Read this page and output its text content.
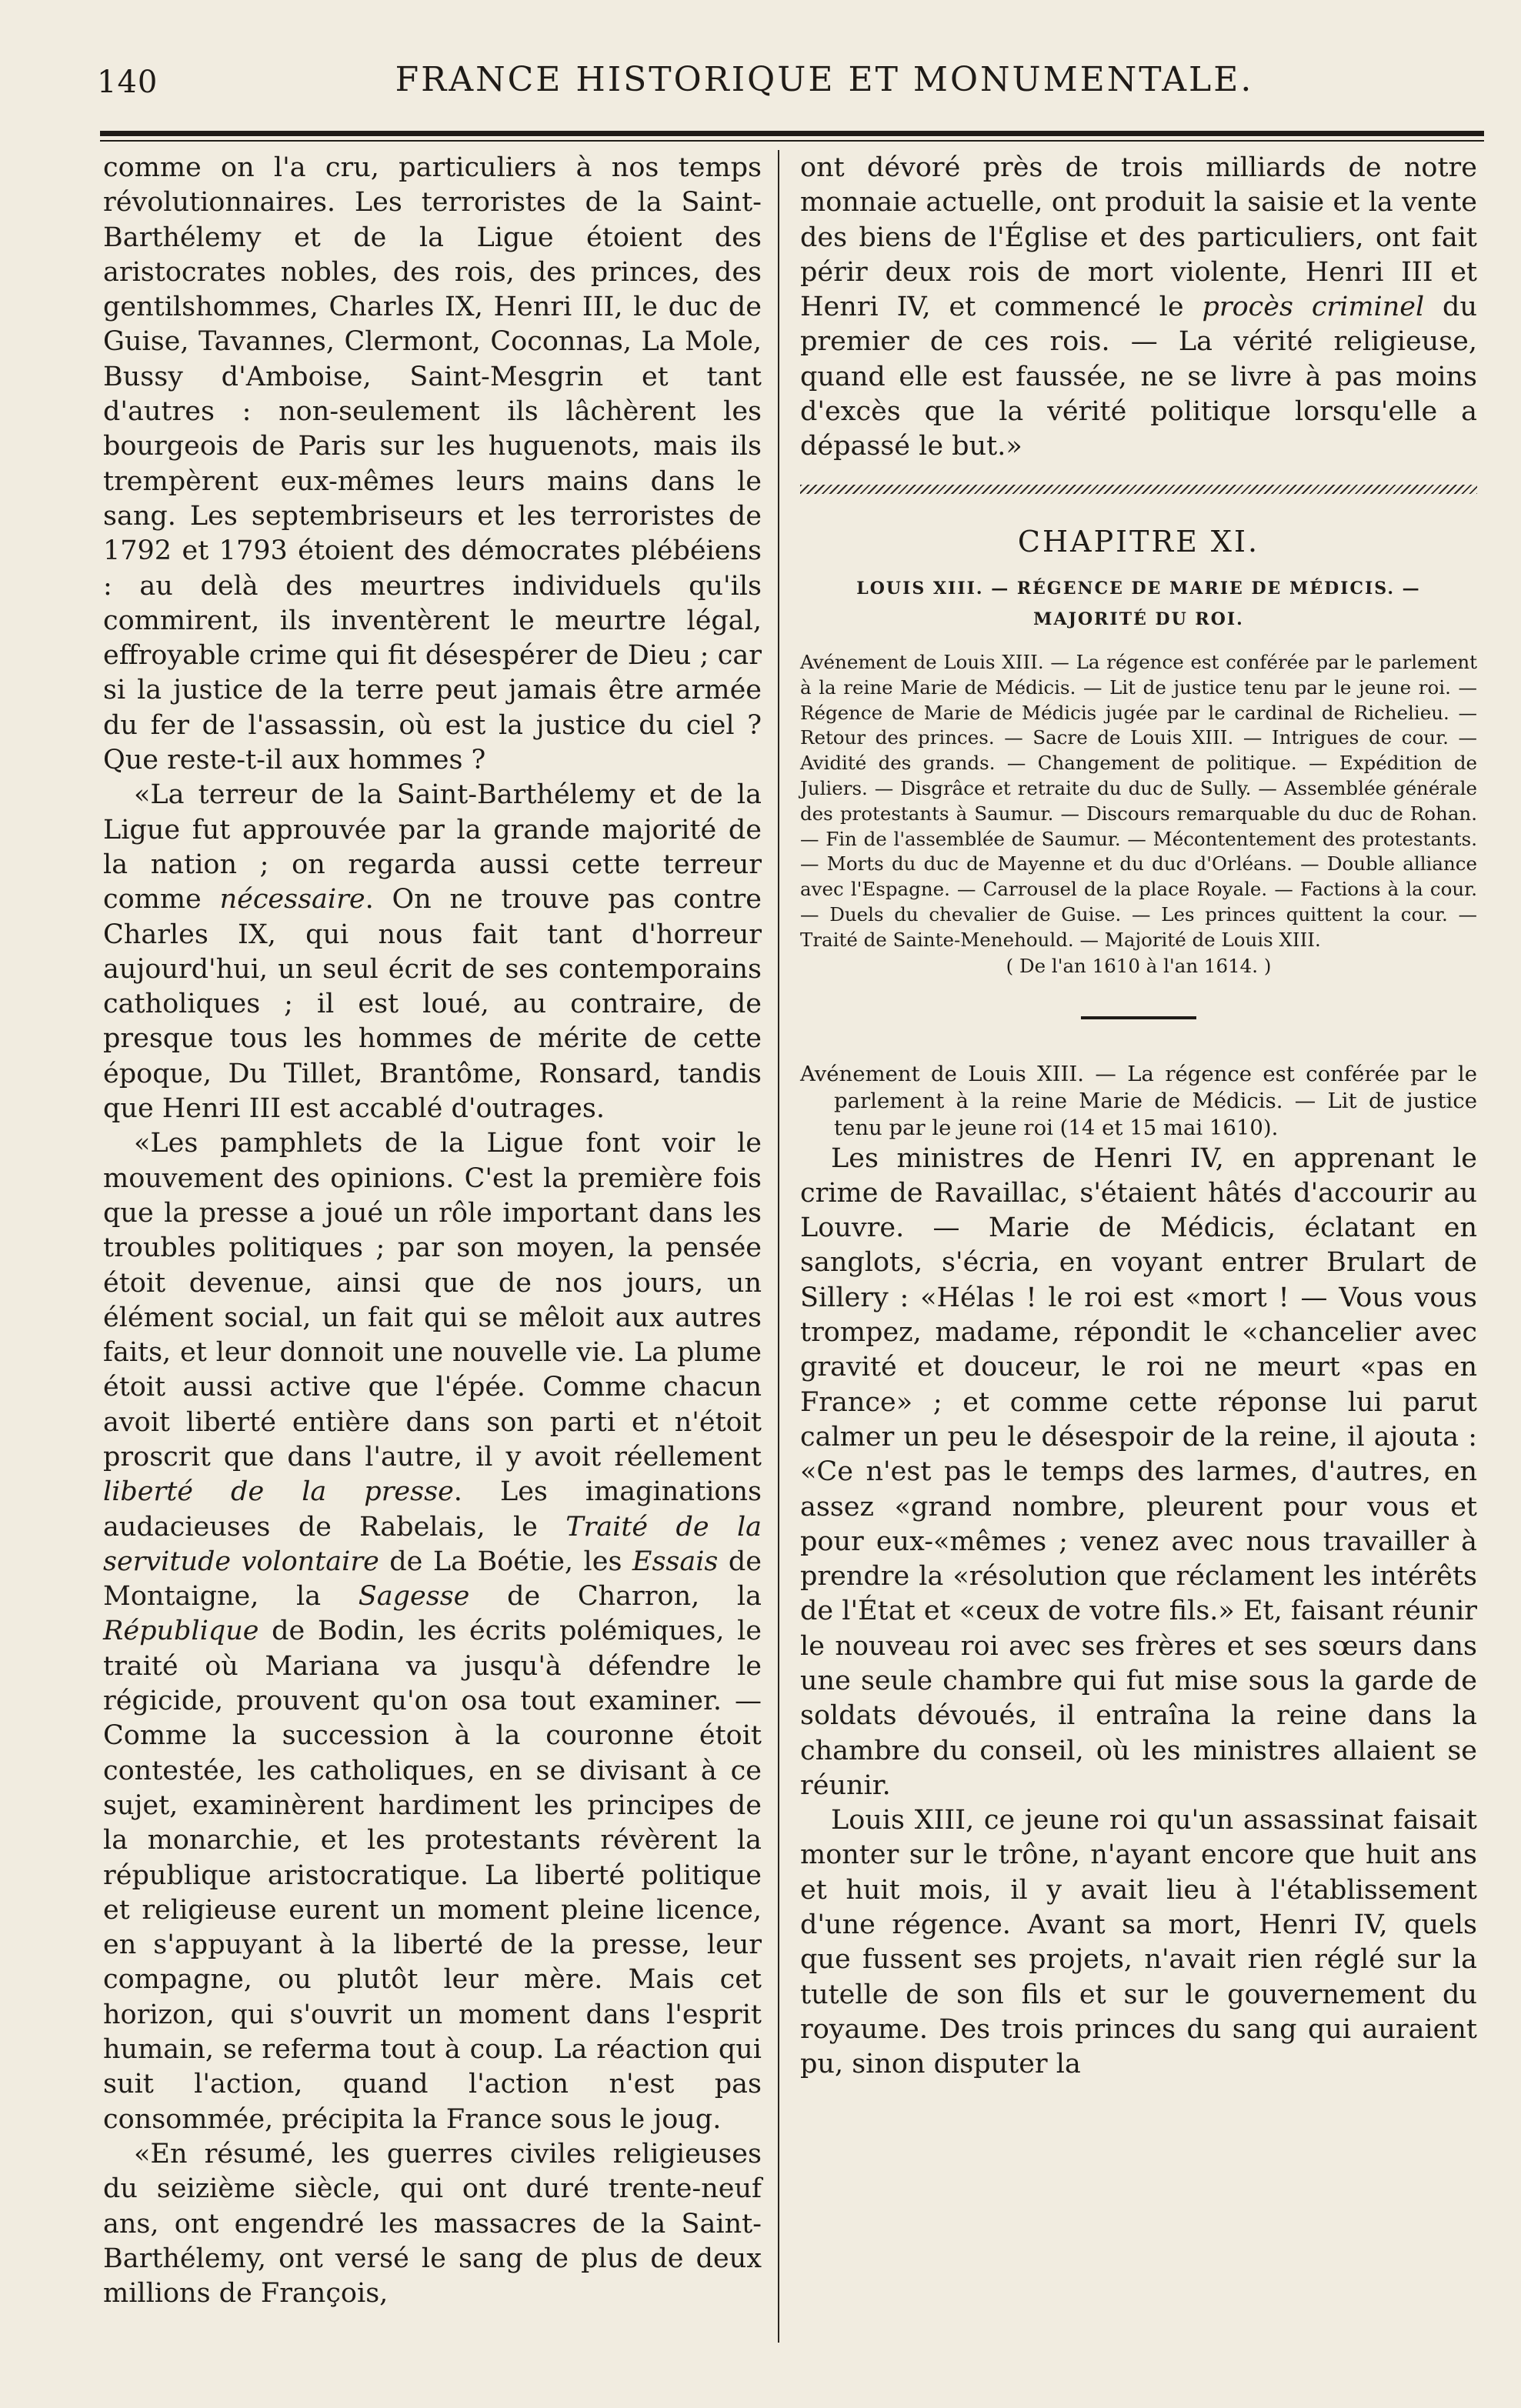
140	FRANCE HISTORIQUE ET MONUMENTALE.

comme on l'a cru, particuliers à nos temps révolutionnaires. Les terroristes de la Saint-Barthélemy et de la Ligue étoient des aristocrates nobles, des rois, des princes, des gentilshommes, Charles IX, Henri III, le duc de Guise, Tavannes, Clermont, Coconnas, La Mole, Bussy d'Amboise, Saint-Mesgrin et tant d'autres : non-seulement ils lâchèrent les bourgeois de Paris sur les huguenots, mais ils trempèrent eux-mêmes leurs mains dans le sang. Les septembriseurs et les terroristes de 1792 et 1793 étoient des démocrates plébéiens : au delà des meurtres individuels qu'ils commirent, ils inventèrent le meurtre légal, effroyable crime qui fit désespérer de Dieu ; car si la justice de la terre peut jamais être armée du fer de l'assassin, où est la justice du ciel ? Que reste-t-il aux hommes ?

«La terreur de la Saint-Barthélemy et de la Ligue fut approuvée par la grande majorité de la nation ; on regarda aussi cette terreur comme nécessaire. On ne trouve pas contre Charles IX, qui nous fait tant d'horreur aujourd'hui, un seul écrit de ses contemporains catholiques ; il est loué, au contraire, de presque tous les hommes de mérite de cette époque, Du Tillet, Brantôme, Ronsard, tandis que Henri III est accablé d'outrages.

«Les pamphlets de la Ligue font voir le mouvement des opinions. C'est la première fois que la presse a joué un rôle important dans les troubles politiques ; par son moyen, la pensée étoit devenue, ainsi que de nos jours, un élément social, un fait qui se mêloit aux autres faits, et leur donnoit une nouvelle vie. La plume étoit aussi active que l'épée. Comme chacun avoit liberté entière dans son parti et n'étoit proscrit que dans l'autre, il y avoit réellement liberté de la presse. Les imaginations audacieuses de Rabelais, le Traité de la servitude volontaire de La Boétie, les Essais de Montaigne, la Sagesse de Charron, la République de Bodin, les écrits polémiques, le traité où Mariana va jusqu'à défendre le régicide, prouvent qu'on osa tout examiner. — Comme la succession à la couronne étoit contestée, les catholiques, en se divisant à ce sujet, examinèrent hardiment les principes de la monarchie, et les protestants révèrent la république aristocratique. La liberté politique et religieuse eurent un moment pleine licence, en s'appuyant à la liberté de la presse, leur compagne, ou plutôt leur mère. Mais cet horizon, qui s'ouvrit un moment dans l'esprit humain, se referma tout à coup. La réaction qui suit l'action, quand l'action n'est pas consommée, précipita la France sous le joug.

«En résumé, les guerres civiles religieuses du seizième siècle, qui ont duré trente-neuf ans, ont engendré les massacres de la Saint-Barthélemy, ont versé le sang de plus de deux millions de François,

ont dévoré près de trois milliards de notre monnaie actuelle, ont produit la saisie et la vente des biens de l'Église et des particuliers, ont fait périr deux rois de mort violente, Henri III et Henri IV, et commencé le procès criminel du premier de ces rois. — La vérité religieuse, quand elle est faussée, ne se livre à pas moins d'excès que la vérité politique lorsqu'elle a dépassé le but.»

CHAPITRE XI.
LOUIS XIII. — RÉGENCE DE MARIE DE MÉDICIS. — MAJORITÉ DU ROI.

Avénement de Louis XIII. — La régence est conférée par le parlement à la reine Marie de Médicis. — Lit de justice tenu par le jeune roi. — Régence de Marie de Médicis jugée par le cardinal de Richelieu. — Retour des princes. — Sacre de Louis XIII. — Intrigues de cour. — Avidité des grands. — Changement de politique. — Expédition de Juliers. — Disgrâce et retraite du duc de Sully. — Assemblée générale des protestants à Saumur. — Discours remarquable du duc de Rohan. — Fin de l'assemblée de Saumur. — Mécontentement des protestants. — Morts du duc de Mayenne et du duc d'Orléans. — Double alliance avec l'Espagne. — Carrousel de la place Royale. — Factions à la cour. — Duels du chevalier de Guise. — Les princes quittent la cour. — Traité de Sainte-Menehould. — Majorité de Louis XIII.

( De l'an 1610 à l'an 1614. )

Avénement de Louis XIII. — La régence est conférée par le parlement à la reine Marie de Médicis. — Lit de justice tenu par le jeune roi (14 et 15 mai 1610).

Les ministres de Henri IV, en apprenant le crime de Ravaillac, s'étaient hâtés d'accourir au Louvre. — Marie de Médicis, éclatant en sanglots, s'écria, en voyant entrer Brulart de Sillery : «Hélas ! le roi est «mort ! — Vous vous trompez, madame, répondit le «chancelier avec gravité et douceur, le roi ne meurt «pas en France» ; et comme cette réponse lui parut calmer un peu le désespoir de la reine, il ajouta : «Ce n'est pas le temps des larmes, d'autres, en assez «grand nombre, pleurent pour vous et pour eux-«mêmes ; venez avec nous travailler à prendre la «résolution que réclament les intérêts de l'État et «ceux de votre fils.» Et, faisant réunir le nouveau roi avec ses frères et ses sœurs dans une seule chambre qui fut mise sous la garde de soldats dévoués, il entraîna la reine dans la chambre du conseil, où les ministres allaient se réunir.

Louis XIII, ce jeune roi qu'un assassinat faisait monter sur le trône, n'ayant encore que huit ans et huit mois, il y avait lieu à l'établissement d'une régence. Avant sa mort, Henri IV, quels que fussent ses projets, n'avait rien réglé sur la tutelle de son fils et sur le gouvernement du royaume. Des trois princes du sang qui auraient pu, sinon disputer la
